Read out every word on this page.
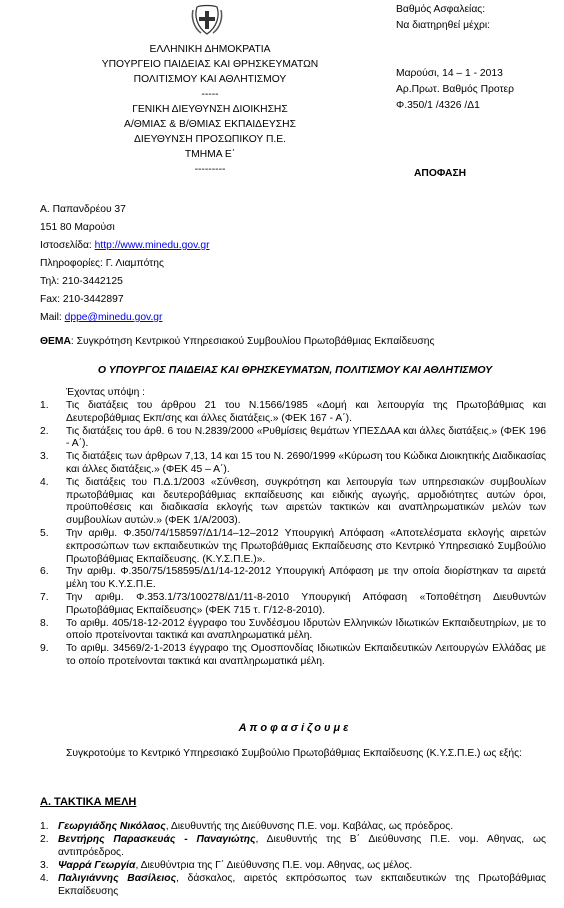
ΕΛΛΗΝΙΚΗ ΔΗΜΟΚΡΑΤΙΑ
ΥΠΟΥΡΓΕΙΟ ΠΑΙΔΕΙΑΣ ΚΑΙ ΘΡΗΣΚΕΥΜΑΤΩΝ
ΠΟΛΙΤΙΣΜΟΥ ΚΑΙ ΑΘΛΗΤΙΣΜΟΥ
-----
ΓΕΝΙΚΗ ΔΙΕΥΘΥΝΣΗ ΔΙΟΙΚΗΣΗΣ
Α/ΘΜΙΑΣ & Β/ΘΜΙΑΣ ΕΚΠΑΙΔΕΥΣΗΣ
ΔΙΕΥΘΥΝΣΗ ΠΡΟΣΩΠΙΚΟΥ Π.Ε.
ΤΜΗΜΑ Ε΄
---------
Βαθμός Ασφαλείας:
Να διατηρηθεί μέχρι:
Μαρούσι, 14 – 1 - 2013
Αρ.Πρωτ. Βαθμός Προτερ
Φ.350/1 /4326 /Δ1
ΑΠΟΦΑΣΗ
Α. Παπανδρέου 37
151 80 Μαρούσι
Ιστοσελίδα: http://www.minedu.gov.gr
Πληροφορίες: Γ. Λιαμπότης
Τηλ: 210-3442125
Fax: 210-3442897
Mail: dppe@minedu.gov.gr
ΘΕΜΑ: Συγκρότηση Κεντρικού Υπηρεσιακού Συμβουλίου Πρωτοβάθμιας Εκπαίδευσης
Ο ΥΠΟΥΡΓΟΣ ΠΑΙΔΕΙΑΣ ΚΑΙ ΘΡΗΣΚΕΥΜΑΤΩΝ, ΠΟΛΙΤΙΣΜΟΥ ΚΑΙ ΑΘΛΗΤΙΣΜΟΥ
Έχοντας υπόψη :
1. Τις διατάξεις του άρθρου 21 του Ν.1566/1985 «Δομή και λειτουργία της Πρωτοβάθμιας και Δευτεροβάθμιας Εκπ/σης και άλλες διατάξεις.» (ΦΕΚ 167 - Α΄).
2. Τις διατάξεις του άρθ. 6 του Ν.2839/2000 «Ρυθμίσεις θεμάτων ΥΠΕΣΔΑΑ και άλλες διατάξεις.» (ΦΕΚ 196 - Α΄).
3. Τις διατάξεις των άρθρων 7,13, 14 και 15 του Ν. 2690/1999 «Κύρωση του Κώδικα Διοικητικής Διαδικασίας και άλλες διατάξεις.» (ΦΕΚ 45 – Α΄).
4. Τις διατάξεις του Π.Δ.1/2003 «Σύνθεση, συγκρότηση και λειτουργία των υπηρεσιακών συμβουλίων πρωτοβάθμιας και δευτεροβάθμιας εκπαίδευσης και ειδικής αγωγής, αρμοδιότητες αυτών όροι, προϋποθέσεις και διαδικασία εκλογής των αιρετών τακτικών και αναπληρωματικών μελών των συμβουλίων αυτών.» (ΦΕΚ 1/Α/2003).
5. Την αριθμ. Φ.350/74/158597/Δ1/14–12–2012 Υπουργική Απόφαση «Αποτελέσματα εκλογής αιρετών εκπροσώπων των εκπαιδευτικών της Πρωτοβάθμιας Εκπαίδευσης στο Κεντρικό Υπηρεσιακό Συμβούλιο Πρωτοβάθμιας Εκπαίδευσης. (Κ.Υ.Σ.Π.Ε.)».
6. Την αριθμ. Φ.350/75/158595/Δ1/14-12-2012 Υπουργική Απόφαση με την οποία διορίστηκαν τα αιρετά μέλη του Κ.Υ.Σ.Π.Ε.
7. Την αριθμ. Φ.353.1/73/100278/Δ1/11-8-2010 Υπουργική Απόφαση «Τοποθέτηση Διευθυντών Πρωτοβάθμιας Εκπαίδευσης» (ΦΕΚ 715 τ. Γ/12-8-2010).
8. Το αριθμ. 405/18-12-2012 έγγραφο του Συνδέσμου Ιδρυτών Ελληνικών Ιδιωτικών Εκπαιδευτηρίων, με το οποίο προτείνονται τακτικά και αναπληρωματικά μέλη.
9. Το αριθμ. 34569/2-1-2013 έγγραφο της Ομοσπονδίας Ιδιωτικών Εκπαιδευτικών Λειτουργών Ελλάδας με το οποίο προτείνονται τακτικά και αναπληρωματικά μέλη.
Αποφασίζουμε
Συγκροτούμε το Κεντρικό Υπηρεσιακό Συμβούλιο Πρωτοβάθμιας Εκπαίδευσης (Κ.Υ.Σ.Π.Ε.) ως εξής:
Α. ΤΑΚΤΙΚΑ ΜΕΛΗ
1. Γεωργιάδης Νικόλαος, Διευθυντής της Διεύθυνσης Π.Ε. νομ. Καβάλας, ως πρόεδρος.
2. Βεντήρης Παρασκευάς - Παναγιώτης, Διευθυντής της Β΄ Διεύθυνσης Π.Ε. νομ. Αθηνας, ως αντιπρόεδρος.
3. Ψαρρά Γεωργία, Διευθύντρια της Γ΄ Διεύθυνσης Π.Ε. νομ. Αθηνας, ως μέλος.
4. Παλιγιάννης Βασίλειος, δάσκαλος, αιρετός εκπρόσωπος των εκπαιδευτικών της Πρωτοβάθμιας Εκπαίδευσης
